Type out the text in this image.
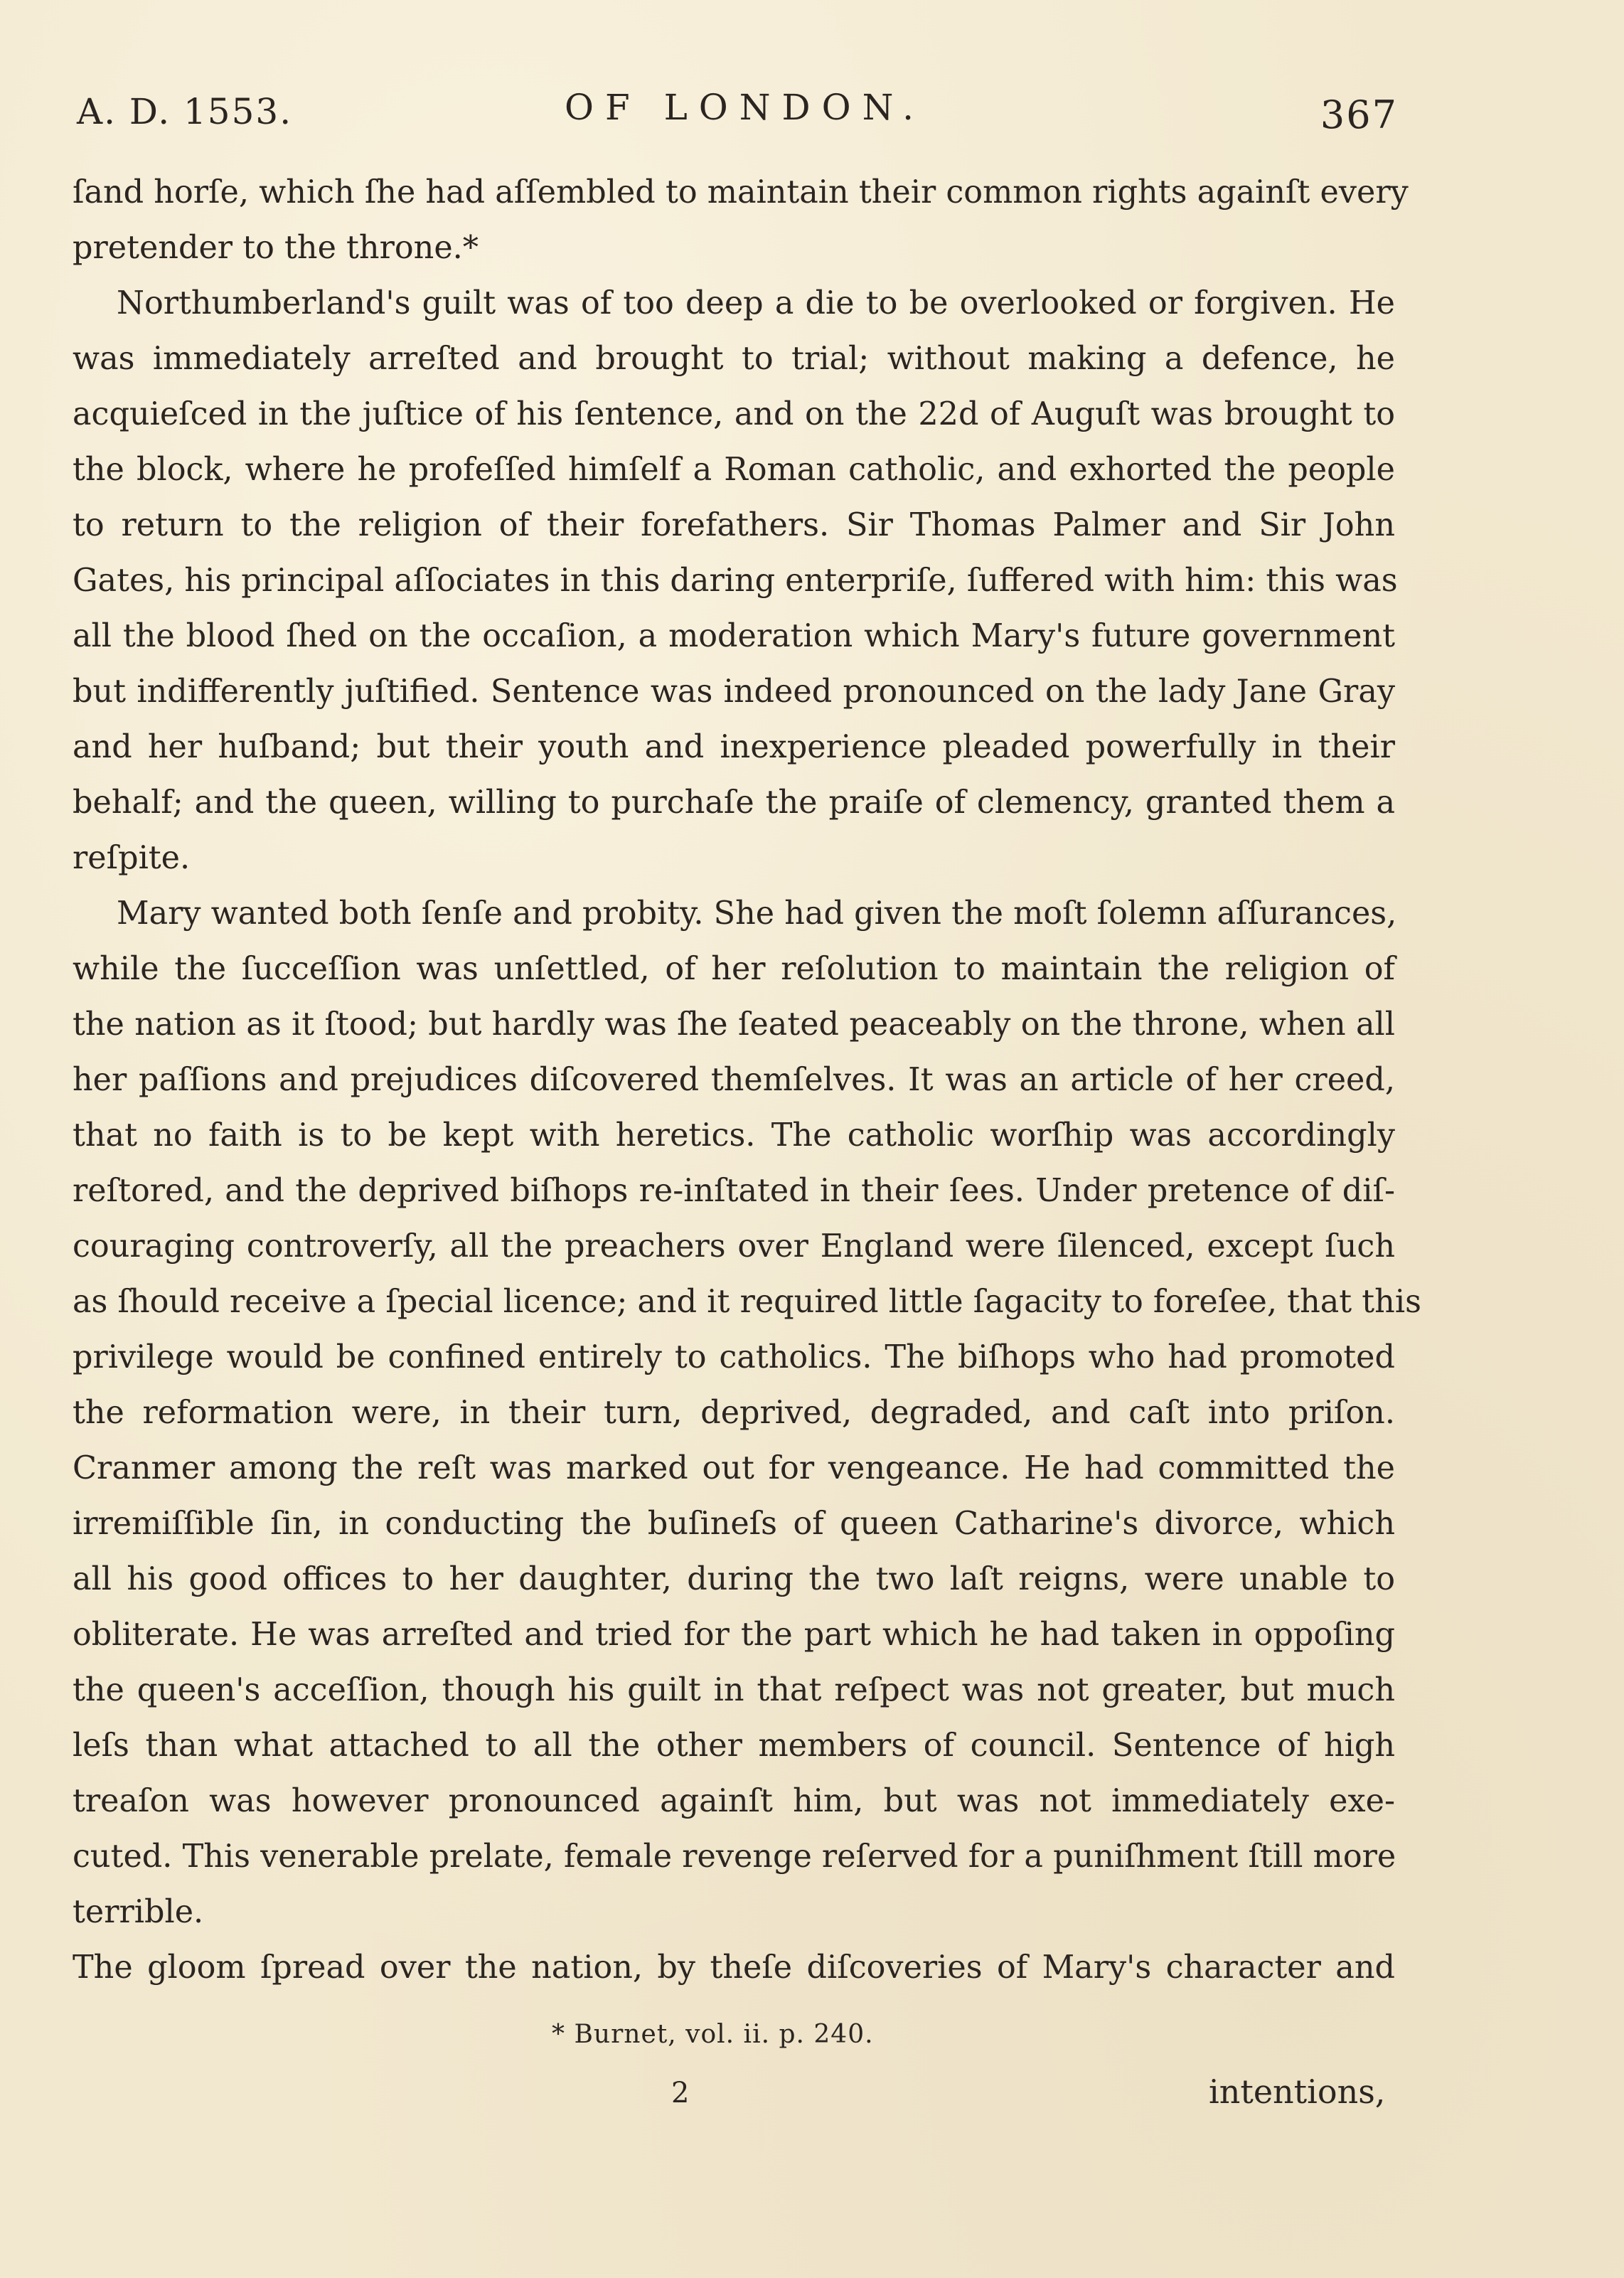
A. D. 1553.	OF LONDON.	367
ſand horſe, which ſhe had aſſembled to maintain their common rights againſt every
pretender to the throne.*
Northumberland's guilt was of too deep a die to be overlooked or forgiven. He
was immediately arreſted and brought to trial; without making a defence, he
acquieſced in the juſtice of his ſentence, and on the 22d of Auguſt was brought to
the block, where he profeſſed himſelf a Roman catholic, and exhorted the people
to return to the religion of their forefathers. Sir Thomas Palmer and Sir John
Gates, his principal aſſociates in this daring enterpriſe, ſuffered with him: this was
all the blood ſhed on the occaſion, a moderation which Mary's future government
but indifferently juſtified. Sentence was indeed pronounced on the lady Jane Gray
and her huſband; but their youth and inexperience pleaded powerfully in their
behalf; and the queen, willing to purchaſe the praiſe of clemency, granted them a
reſpite.
Mary wanted both ſenſe and probity. She had given the moſt ſolemn aſſurances,
while the ſucceſſion was unſettled, of her reſolution to maintain the religion of
the nation as it ſtood; but hardly was ſhe ſeated peaceably on the throne, when all
her paſſions and prejudices diſcovered themſelves. It was an article of her creed,
that no faith is to be kept with heretics. The catholic worſhip was accordingly
reſtored, and the deprived biſhops re-inſtated in their ſees. Under pretence of diſ-
couraging controverſy, all the preachers over England were ſilenced, except ſuch
as ſhould receive a ſpecial licence; and it required little ſagacity to foreſee, that this
privilege would be confined entirely to catholics. The biſhops who had promoted
the reformation were, in their turn, deprived, degraded, and caſt into priſon.
Cranmer among the reſt was marked out for vengeance. He had committed the
irremiſſible ſin, in conducting the buſineſs of queen Catharine's divorce, which
all his good offices to her daughter, during the two laſt reigns, were unable to
obliterate. He was arreſted and tried for the part which he had taken in oppoſing
the queen's acceſſion, though his guilt in that reſpect was not greater, but much
leſs than what attached to all the other members of council. Sentence of high
treaſon was however pronounced againſt him, but was not immediately exe-
cuted. This venerable prelate, female revenge reſerved for a puniſhment ſtill more
terrible.
The gloom ſpread over the nation, by theſe diſcoveries of Mary's character and
* Burnet, vol. ii. p. 240.
2	intentions,
